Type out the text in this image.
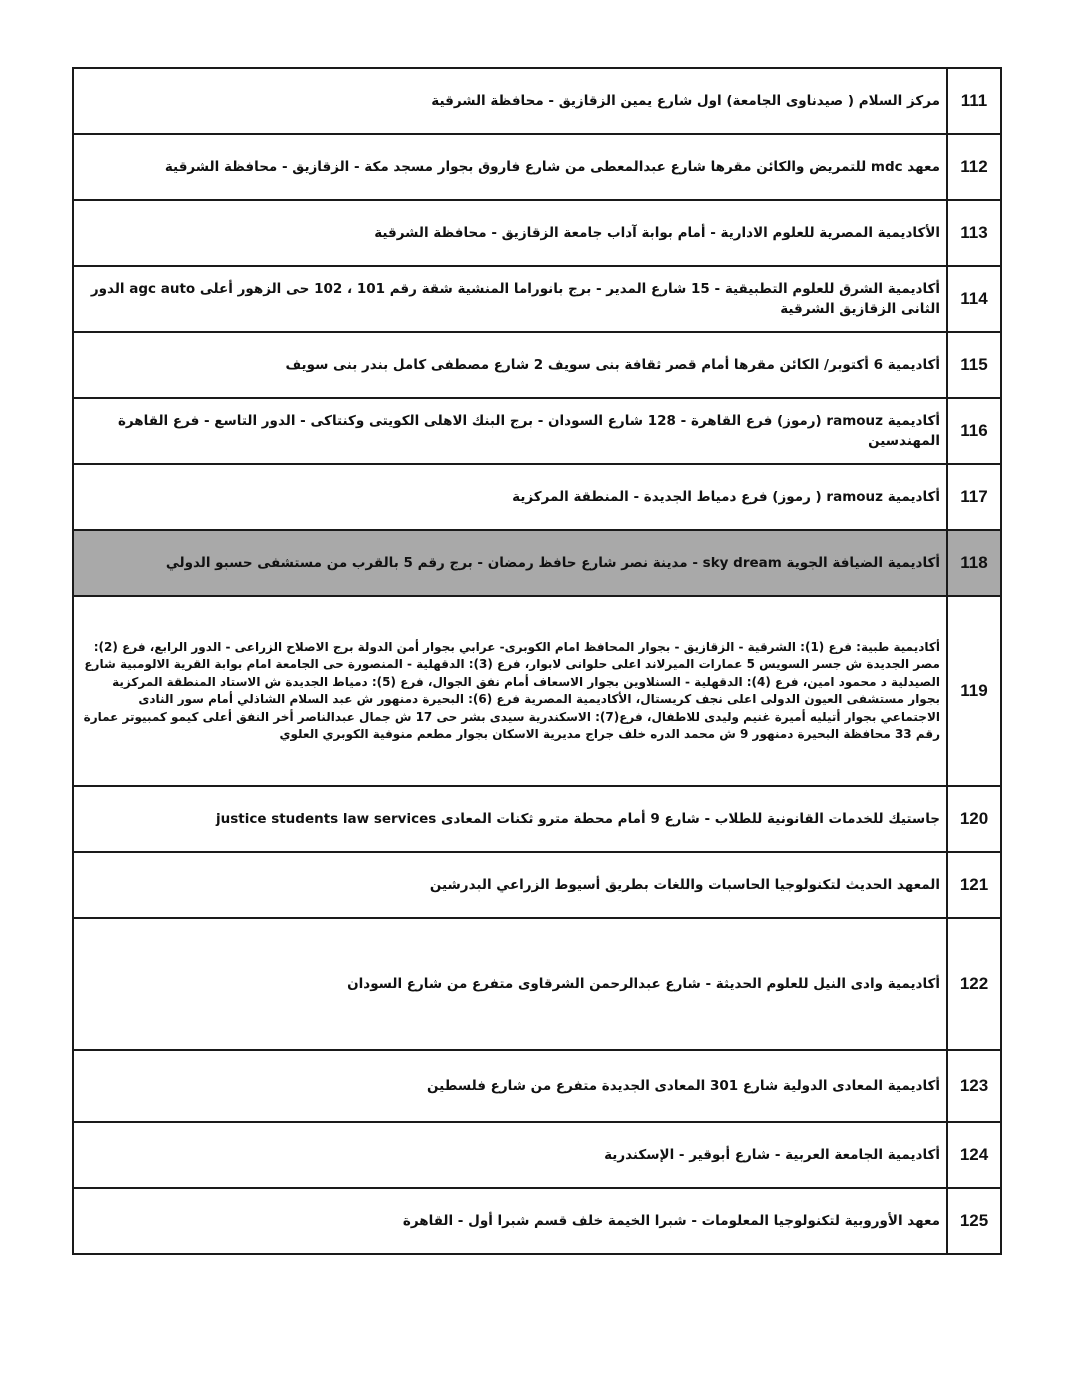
111	مركز السلام ( صيدناوى الجامعة) اول شارع يمين الزقازيق - محافظة الشرقية
112	معهد mdc للتمريض والكائن مقرها شارع عبدالمعطى من شارع فاروق بجوار مسجد مكة - الزقازيق - محافظة الشرقية
113	الأكاديمية المصرية للعلوم الادارية - أمام بوابة آداب جامعة الزقازيق - محافظة الشرقية
114	أكاديمية الشرق للعلوم التطبيقية - 15 شارع المدير - برج بانوراما المنشية شقة رقم 101 ، 102 حى الزهور أعلى agc auto الدور الثانى الزقازيق الشرقية
115	أكاديمية 6 أكتوبر/ الكائن مقرها أمام قصر ثقافة بنى سويف 2 شارع مصطفى كامل بندر بنى سويف
116	أكاديمية ramouz (رموز) فرع القاهرة - 128 شارع السودان - برج البنك الاهلى الكويتى وكنتاكى - الدور التاسع - فرع القاهرة المهندسين
117	أكاديمية ramouz ( رموز) فرع دمياط الجديدة - المنطقة المركزية
118	أكاديمية الضيافة الجوية sky dream - مدينة نصر شارع حافظ رمضان - برج رقم 5 بالقرب من مستشفى حسبو الدولي
119	أكاديمية طبية: فرع (1): الشرقية - الزقازيق - بجوار المحافظ امام الكوبرى- عرابي بجوار أمن الدولة برج الاصلاح الزراعى - الدور الرابع، فرع (2): مصر الجديدة ش جسر السويس 5 عمارات الميرلاند اعلى حلوانى لابوار، فرع (3): الدقهلية - المنصورة حى الجامعة امام بوابة القرية الالومبية شارع الصيدلية د محمود امين، فرع (4): الدقهلية - السنلاوين بجوار الاسعاف أمام نفق الجوال، فرع (5): دمياط الجديدة ش الاستاد المنطقة المركزية بجوار مستشفى العيون الدولى اعلى نجف كريستال، الأكاديمية المصرية فرع (6): البحيرة دمنهور ش عبد السلام الشاذلي أمام سور النادى الاجتماعي بجوار أتيليه أميرة غنيم وليدى للاطفال، فرع(7): الاسكندرية سيدى بشر حى 17 ش جمال عبدالناصر أخر النفق أعلى كيمو كمبيوتر عمارة رقم 33 محافظة البحيرة دمنهور 9 ش محمد الدره خلف جراج مديرية الاسكان بجوار مطعم منوفية الكوبري العلوي
120	جاستيك للخدمات القانونية للطلاب - شارع 9 أمام محطة مترو ثكنات المعادى justice students law services
121	المعهد الحديث لتكنولوجيا الحاسبات واللغات بطريق أسيوط الزراعي البدرشين
122	أكاديمية وادى النيل للعلوم الحديثة - شارع عبدالرحمن الشرقاوى متفرع من شارع السودان
123	أكاديمية المعادى الدولية شارع 301 المعادى الجديدة متفرع من شارع فلسطين
124	أكاديمية الجامعة العربية - شارع أبوقير - الإسكندرية
125	معهد الأوروبية لتكنولوجيا المعلومات - شبرا الخيمة خلف قسم شبرا أول - القاهرة
